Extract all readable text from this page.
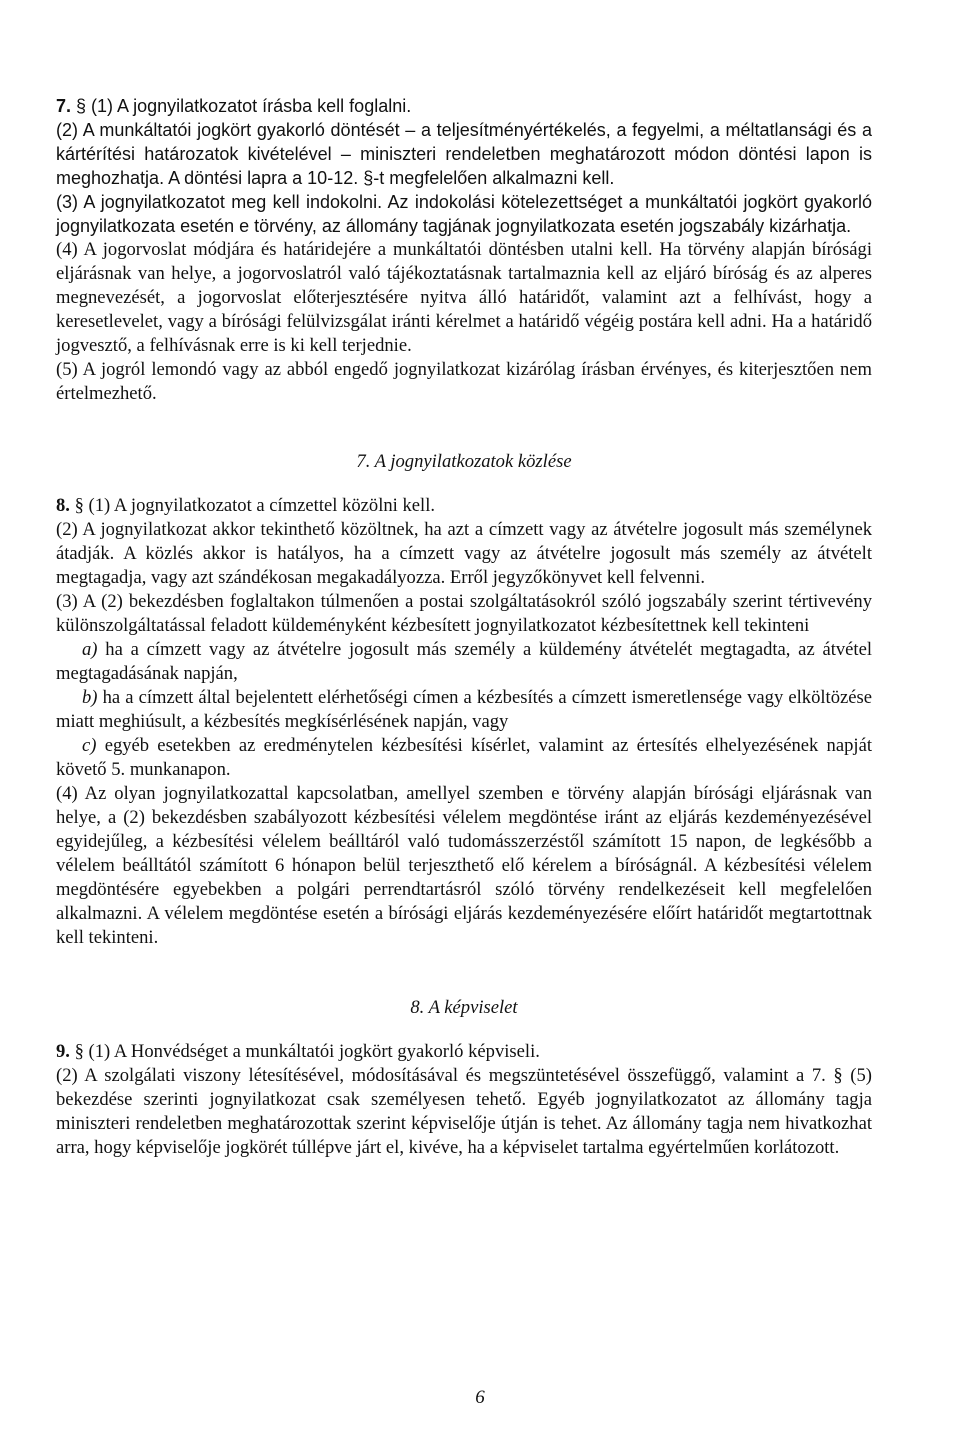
7. § (1) A jognyilatkozatot írásba kell foglalni.

(2) A munkáltatói jogkört gyakorló döntését – a teljesítményértékelés, a fegyelmi, a méltatlansági és a kártérítési határozatok kivételével – miniszteri rendeletben meghatározott módon döntési lapon is meghozhatja. A döntési lapra a 10-12. §-t megfelelően alkalmazni kell.

(3) A jognyilatkozatot meg kell indokolni. Az indokolási kötelezettséget a munkáltatói jogkört gyakorló jognyilatkozata esetén e törvény, az állomány tagjának jognyilatkozata esetén jogszabály kizárhatja.

(4) A jogorvoslat módjára és határidejére a munkáltatói döntésben utalni kell. Ha törvény alapján bírósági eljárásnak van helye, a jogorvoslatról való tájékoztatásnak tartalmaznia kell az eljáró bíróság és az alperes megnevezését, a jogorvoslat előterjesztésére nyitva álló határidőt, valamint azt a felhívást, hogy a keresetlevelet, vagy a bírósági felülvizsgálat iránti kérelmet a határidő végéig postára kell adni. Ha a határidő jogvesztő, a felhívásnak erre is ki kell terjednie.

(5) A jogról lemondó vagy az abból engedő jognyilatkozat kizárólag írásban érvényes, és kiterjesztően nem értelmezhető.

7. A jognyilatkozatok közlése

8. § (1) A jognyilatkozatot a címzettel közölni kell.

(2) A jognyilatkozat akkor tekinthető közöltnek, ha azt a címzett vagy az átvételre jogosult más személynek átadják. A közlés akkor is hatályos, ha a címzett vagy az átvételre jogosult más személy az átvételt megtagadja, vagy azt szándékosan megakadályozza. Erről jegyzőkönyvet kell felvenni.

(3) A (2) bekezdésben foglaltakon túlmenően a postai szolgáltatásokról szóló jogszabály szerint tértivevény különszolgáltatással feladott küldeményként kézbesített jognyilatkozatot kézbesítettnek kell tekinteni

a) ha a címzett vagy az átvételre jogosult más személy a küldemény átvételét megtagadta, az átvétel megtagadásának napján,

b) ha a címzett által bejelentett elérhetőségi címen a kézbesítés a címzett ismeretlensége vagy elköltözése miatt meghiúsult, a kézbesítés megkísérlésének napján, vagy

c) egyéb esetekben az eredménytelen kézbesítési kísérlet, valamint az értesítés elhelyezésének napját követő 5. munkanapon.

(4) Az olyan jognyilatkozattal kapcsolatban, amellyel szemben e törvény alapján bírósági eljárásnak van helye, a (2) bekezdésben szabályozott kézbesítési vélelem megdöntése iránt az eljárás kezdeményezésével egyidejűleg, a kézbesítési vélelem beálltáról való tudomásszerzéstől számított 15 napon, de legkésőbb a vélelem beálltától számított 6 hónapon belül terjeszthető elő kérelem a bíróságnál. A kézbesítési vélelem megdöntésére egyebekben a polgári perrendtartásról szóló törvény rendelkezéseit kell megfelelően alkalmazni. A vélelem megdöntése esetén a bírósági eljárás kezdeményezésére előírt határidőt megtartottnak kell tekinteni.

8. A képviselet

9. § (1) A Honvédséget a munkáltatói jogkört gyakorló képviseli.

(2) A szolgálati viszony létesítésével, módosításával és megszüntetésével összefüggő, valamint a 7. § (5) bekezdése szerinti jognyilatkozat csak személyesen tehető. Egyéb jognyilatkozatot az állomány tagja miniszteri rendeletben meghatározottak szerint képviselője útján is tehet. Az állomány tagja nem hivatkozhat arra, hogy képviselője jogkörét túllépve járt el, kivéve, ha a képviselet tartalma egyértelműen korlátozott.

6
